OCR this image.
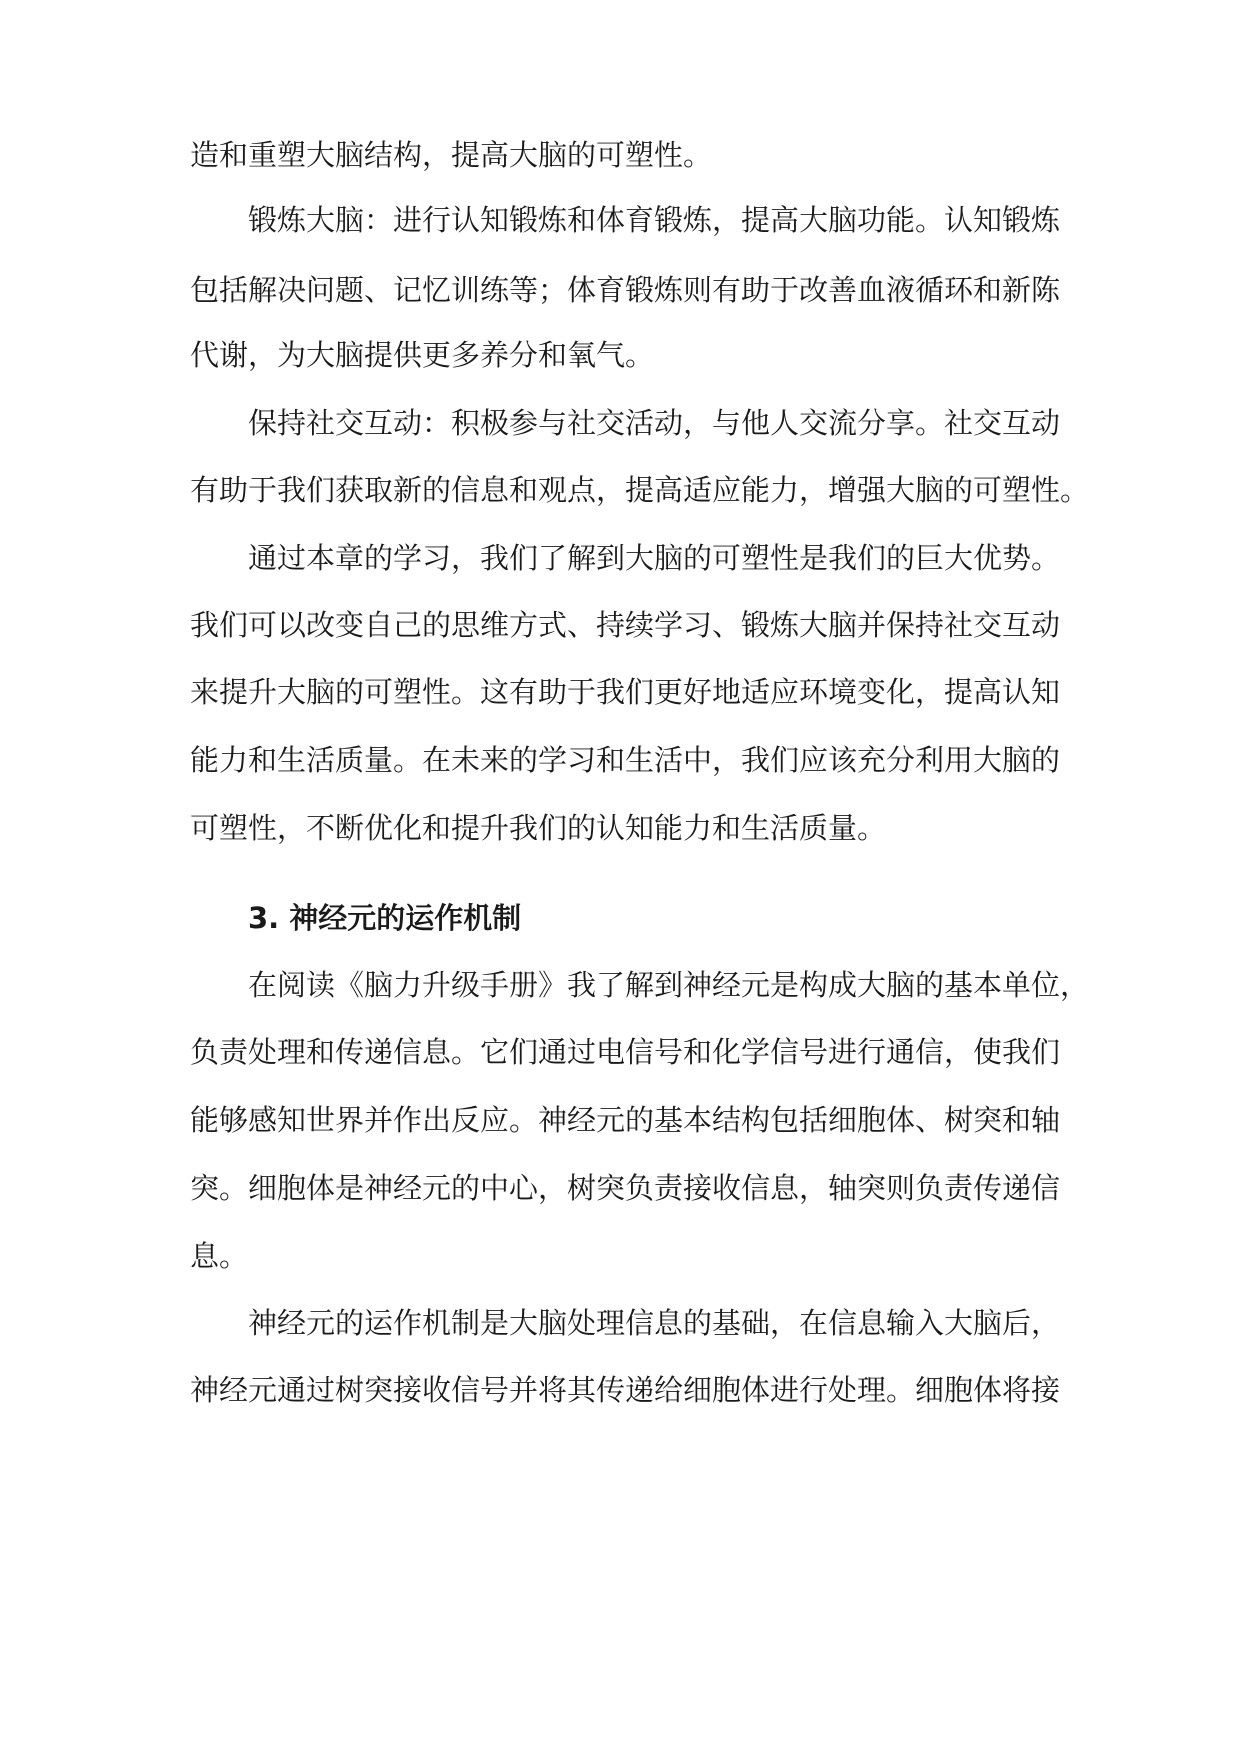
造和重塑大脑结构，提高大脑的可塑性。
锻炼大脑：进行认知锻炼和体育锻炼，提高大脑功能。认知锻炼
包括解决问题、记忆训练等；体育锻炼则有助于改善血液循环和新陈
代谢，为大脑提供更多养分和氧气。
保持社交互动：积极参与社交活动，与他人交流分享。社交互动
有助于我们获取新的信息和观点，提高适应能力，增强大脑的可塑性。
通过本章的学习，我们了解到大脑的可塑性是我们的巨大优势。
我们可以改变自己的思维方式、持续学习、锻炼大脑并保持社交互动
来提升大脑的可塑性。这有助于我们更好地适应环境变化，提高认知
能力和生活质量。在未来的学习和生活中，我们应该充分利用大脑的
可塑性，不断优化和提升我们的认知能力和生活质量。
3. 神经元的运作机制
在阅读《脑力升级手册》我了解到神经元是构成大脑的基本单位，
负责处理和传递信息。它们通过电信号和化学信号进行通信，使我们
能够感知世界并作出反应。神经元的基本结构包括细胞体、树突和轴
突。细胞体是神经元的中心，树突负责接收信息，轴突则负责传递信
息。
神经元的运作机制是大脑处理信息的基础，在信息输入大脑后，
神经元通过树突接收信号并将其传递给细胞体进行处理。细胞体将接
